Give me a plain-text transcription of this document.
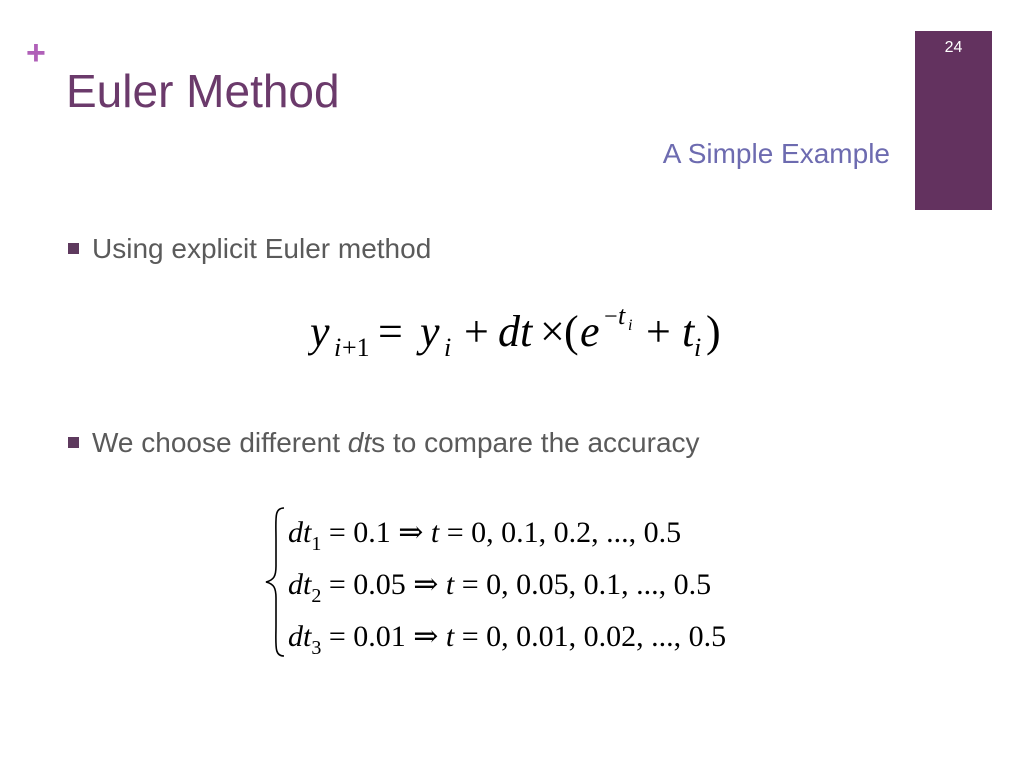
+
Euler Method
A Simple Example
24
Using explicit Euler method
yi+1 = y i + dt ×(e −t i + ti )
We choose different dts to compare the accuracy
$dt_1 = 0.1$ ⇒ t = 0, 0.1, 0.2, ..., 0.5
$dt_2 = 0.05$ ⇒ t = 0, 0.05, 0.1, ..., 0.5
$dt_3 = 0.01$ ⇒ t = 0, 0.01, 0.02, ..., 0.5
